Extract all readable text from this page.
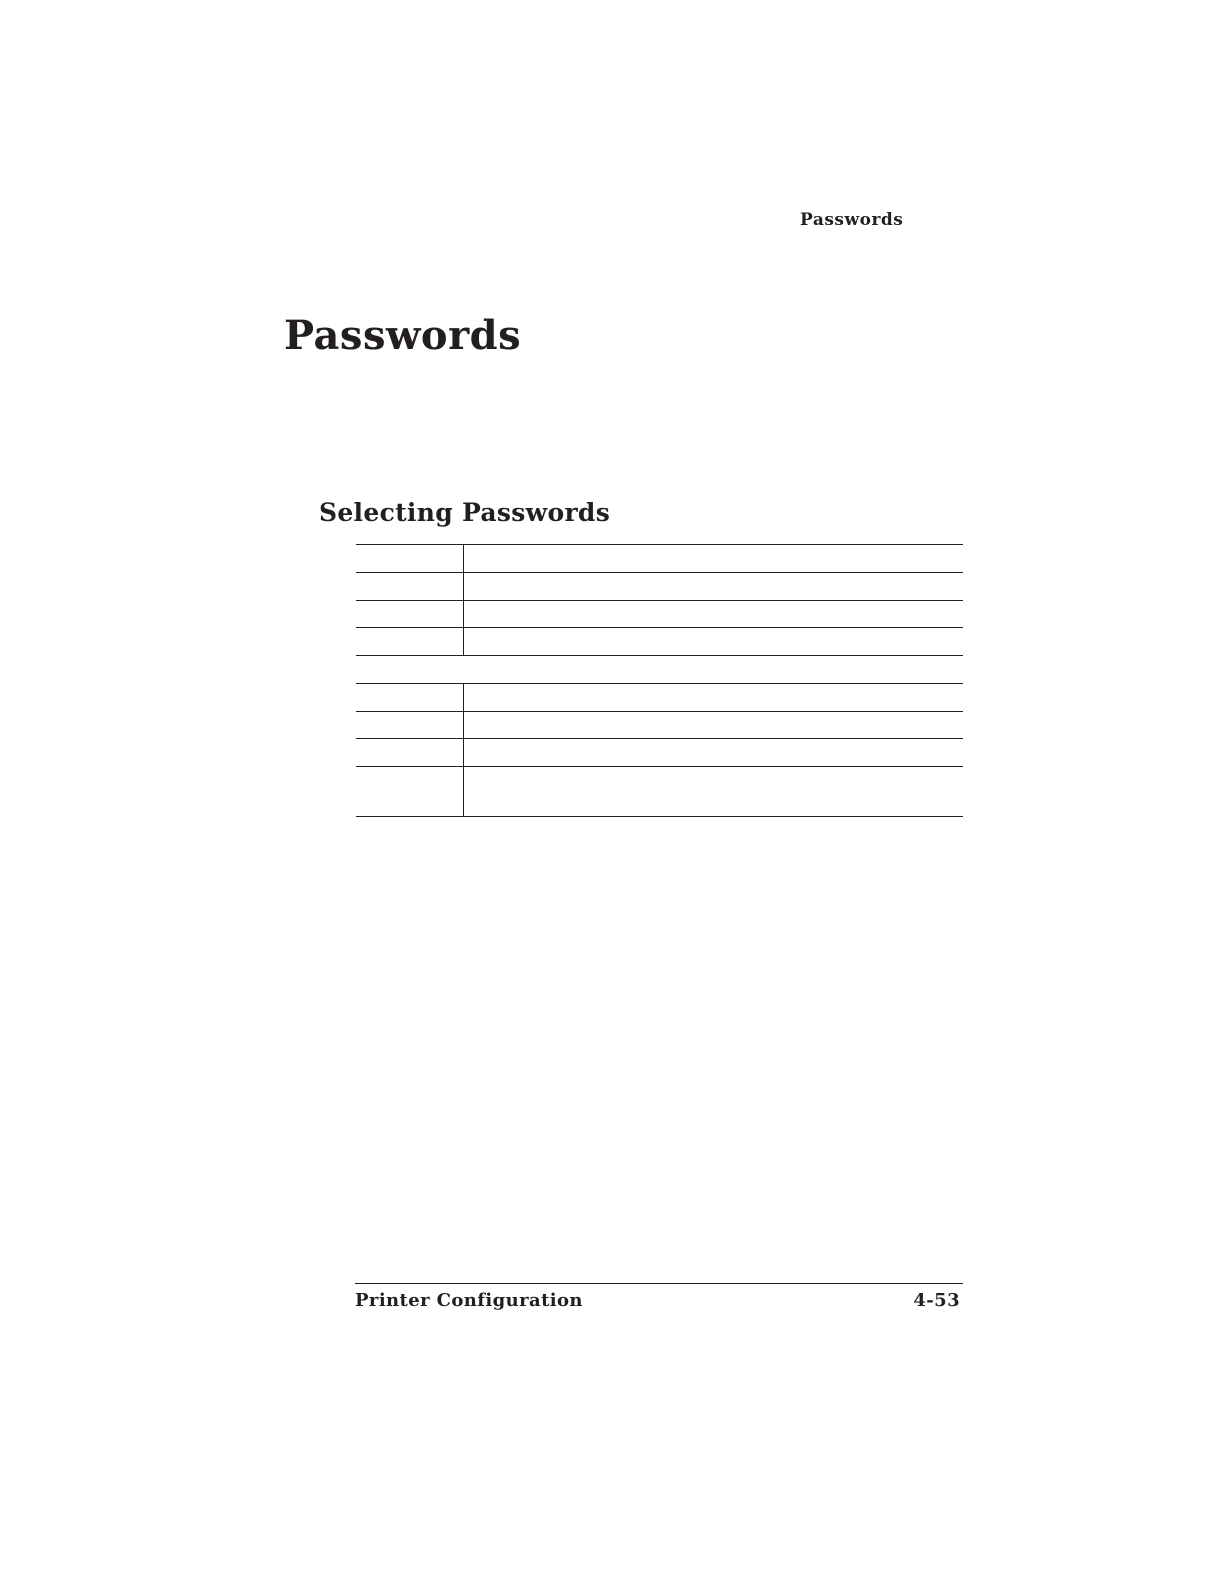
Passwords
Passwords
Selecting Passwords
Printer Configuration	4-53
